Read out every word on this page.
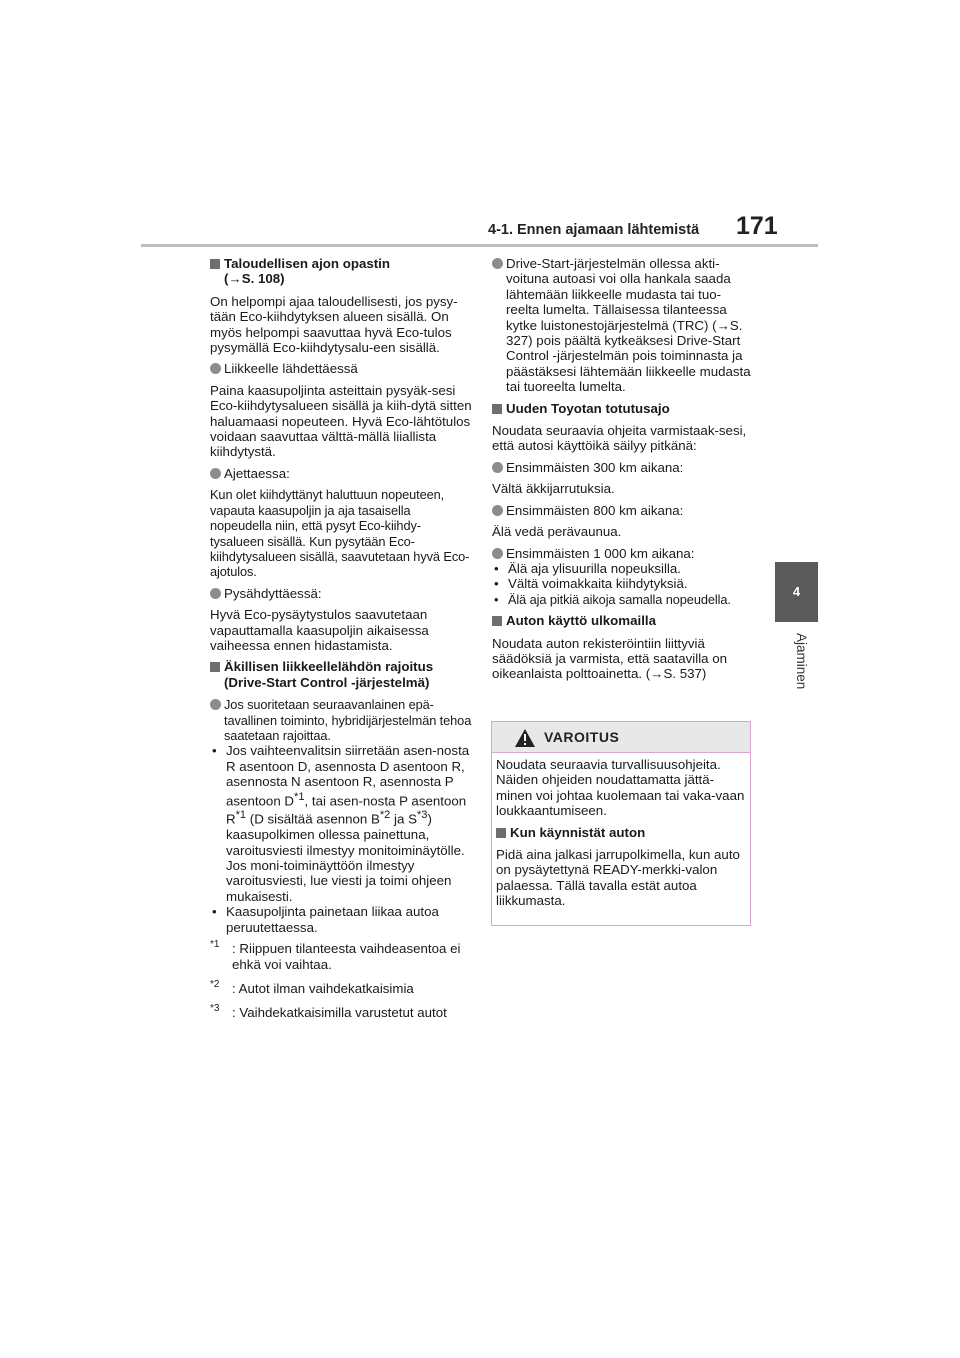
4-1. Ennen ajamaan lähtemistä 171
4
Ajaminen
Taloudellisen ajon opastin
(→S. 108)

On helpompi ajaa taloudellisesti, jos pysy-tään Eco-kiihdytyksen alueen sisällä. On myös helpompi saavuttaa hyvä Eco-tulos pysymällä Eco-kiihdytysalu-een sisällä.

Liikkeelle lähdettäessä

Paina kaasupoljinta asteittain pysyäk-sesi Eco-kiihdytysalueen sisällä ja kiih-dytä sitten haluamaasi nopeuteen. Hyvä Eco-lähtötulos voidaan saavuttaa välttä-mällä liiallista kiihdytystä.

Ajettaessa:

Kun olet kiihdyttänyt haluttuun nopeuteen, vapauta kaasupoljin ja aja tasaisella nopeudella niin, että pysyt Eco-kiihdy-tysalueen sisällä. Kun pysytään Eco-kiihdytysalueen sisällä, saavutetaan hyvä Eco-ajotulos.

Pysähdyttäessä:

Hyvä Eco-pysäytystulos saavutetaan vapauttamalla kaasupoljin aikaisessa vaiheessa ennen hidastamista.

Äkillisen liikkeellelähdön rajoitus (Drive-Start Control -järjestelmä)
Jos suoritetaan seuraavanlainen epä-tavallinen toiminto, hybridijärjestelmän tehoa saatetaan rajoittaa.
• Jos vaihteenvalitsin siirretään asen-nosta R asentoon D, asennosta D asentoon R, asennosta N asentoon R, asennosta P asentoon $D^{*1}$, tai asen-nosta P asentoon $R^{*1}$ (D sisältää asennon $B^{*2}$ ja $S^{*3}$) kaasupolkimen ollessa painettuna, varoitusviesti ilmestyy monitoiminäytölle. Jos moni-toiminäyttöön ilmestyy varoitusviesti, lue viesti ja toimi ohjeen mukaisesti.
• Kaasupoljinta painetaan liikaa autoa peruutettaessa.
*1 : Riippuen tilanteesta vaihdeasentoa ei ehkä voi vaihtaa.
*2 : Autot ilman vaihdekatkaisimia
*3 : Vaihdekatkaisimilla varustetut autot
Drive-Start-järjestelmän ollessa akti-voituna autoasi voi olla hankala saada lähtemään liikkeelle mudasta tai tuo-reelta lumelta. Tällaisessa tilanteessa kytke luistonestojärjestelmä (TRC) (→S. 327) pois päältä kytkeäksesi Drive-Start Control -järjestelmän pois toiminnasta ja päästäksesi lähtemään liikkeelle mudasta tai tuoreelta lumelta.
Uuden Toyotan totutusajo

Noudata seuraavia ohjeita varmistaak-sesi, että autosi käyttöikä säilyy pitkänä:

Ensimmäisten 300 km aikana:

Vältä äkkijarrutuksia.

Ensimmäisten 800 km aikana:

Älä vedä perävaunua.

Ensimmäisten 1 000 km aikana:
• Älä aja ylisuurilla nopeuksilla.
• Vältä voimakkaita kiihdytyksiä.
• Älä aja pitkiä aikoja samalla nopeudella.
Auton käyttö ulkomailla

Noudata auton rekisteröintiin liittyviä säädöksiä ja varmista, että saatavilla on oikeanlaista polttoainetta. (→S. 537)

VAROITUS

Noudata seuraavia turvallisuusohjeita. Näiden ohjeiden noudattamatta jättä-minen voi johtaa kuolemaan tai vaka-vaan loukkaantumiseen.

Kun käynnistät auton

Pidä aina jalkasi jarrupolkimella, kun auto on pysäytettynä READY-merkki-valon palaessa. Tällä tavalla estät autoa liikkumasta.
